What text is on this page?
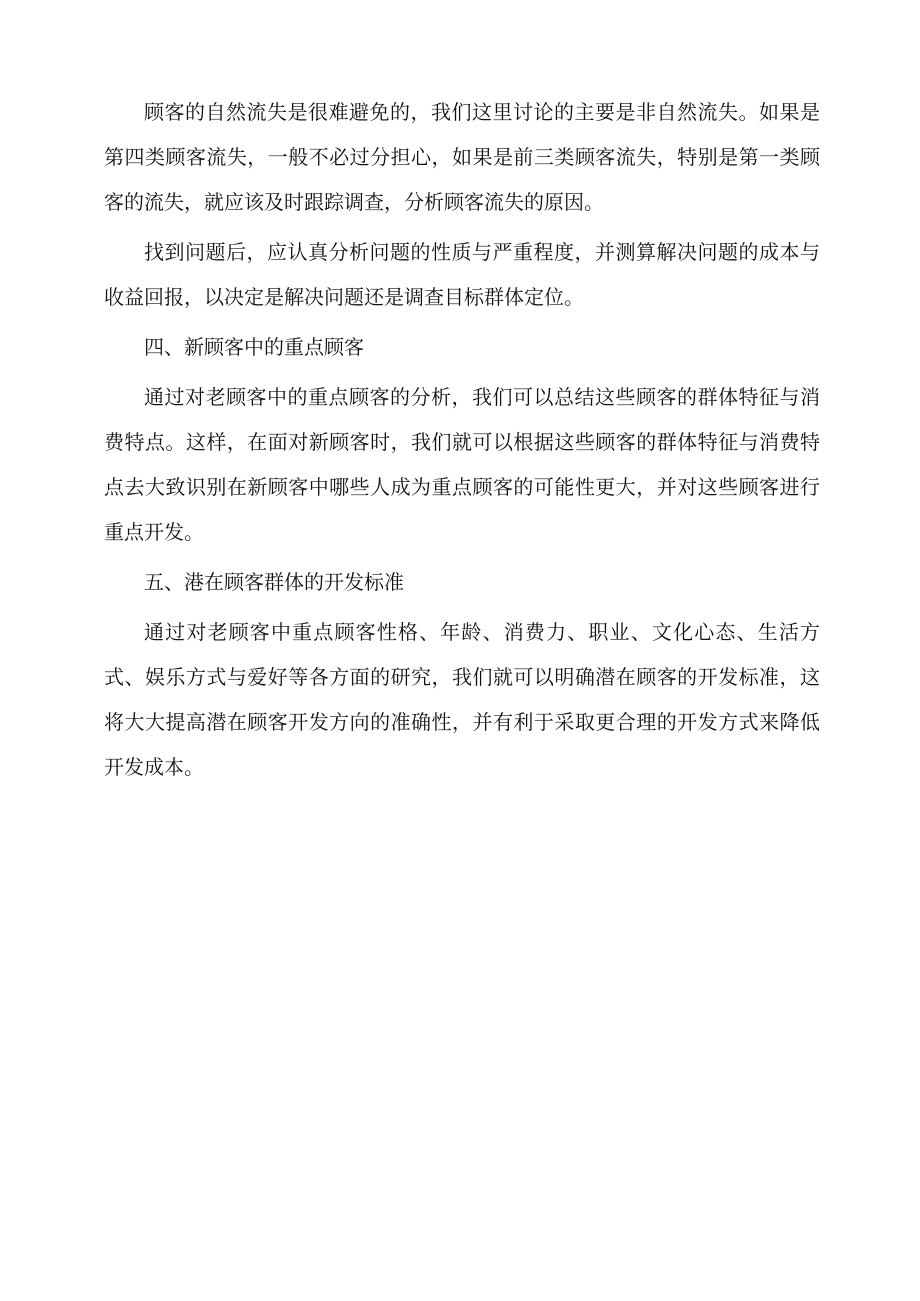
顾客的自然流失是很难避免的，我们这里讨论的主要是非自然流失。如果是第四类顾客流失，一般不必过分担心，如果是前三类顾客流失，特别是第一类顾客的流失，就应该及时跟踪调查，分析顾客流失的原因。

找到问题后，应认真分析问题的性质与严重程度，并测算解决问题的成本与收益回报，以决定是解决问题还是调查目标群体定位。

四、新顾客中的重点顾客

通过对老顾客中的重点顾客的分析，我们可以总结这些顾客的群体特征与消费特点。这样，在面对新顾客时，我们就可以根据这些顾客的群体特征与消费特点去大致识别在新顾客中哪些人成为重点顾客的可能性更大，并对这些顾客进行重点开发。

五、港在顾客群体的开发标准

通过对老顾客中重点顾客性格、年龄、消费力、职业、文化心态、生活方式、娱乐方式与爱好等各方面的研究，我们就可以明确潜在顾客的开发标准，这将大大提高潜在顾客开发方向的准确性，并有利于采取更合理的开发方式来降低开发成本。
